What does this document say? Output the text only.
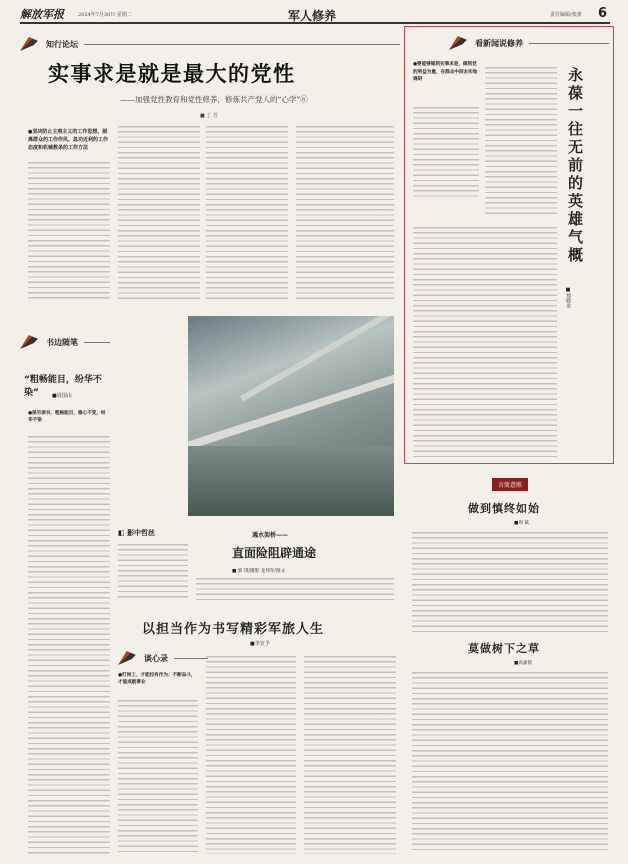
解放军报	2024年7月30日 星期二	军人修养	责任编辑/张蕾 6
知行论坛
实事求是就是最大的党性
——加强党性教育和党性修养，修炼共产党人的“心学”⑥
■ 丁 芳
●坚决防止主观主义的工作思想、脱离群众的工作作风、急功近利的工作态度和机械教条的工作方法
看新闻说修养
●要能够做到实事求是，做到党的利益为重，在群众中间去实地调研	永葆一往无前的英雄气概
■郑晓龙
书边随笔
“粗畅能目，纷华不染”	■周国山
●保另读书，粗畅能目，稳心不变，纷华不染
◧ 影中哲丝	遇水架桥——
直面险阻辟通途
■ 郭 琪/摄影 龙邦年/图文
以担当作为书写精彩军旅人生
■李宣予
谈心录
●打岗工、才能拉有作为；不断奋斗，才能成就事业
言简意赅
做到慎终如始
■周 斌
莫做树下之草
■高嘉铭
